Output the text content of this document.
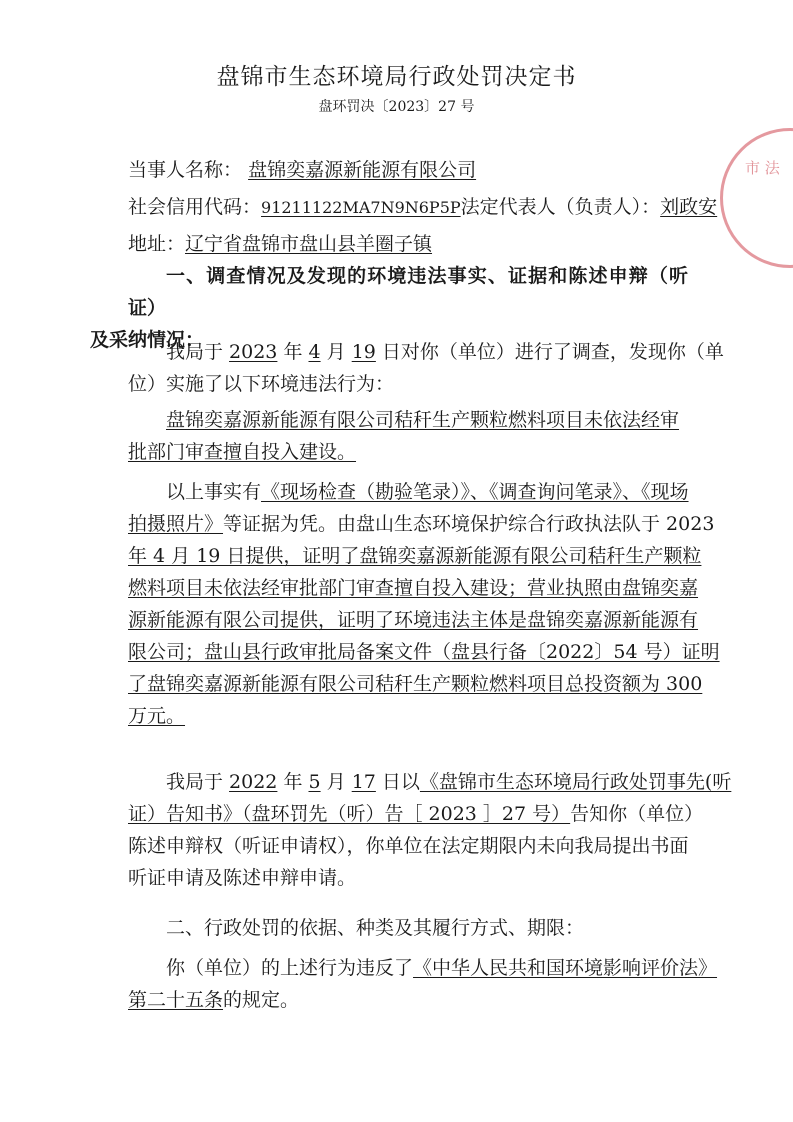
盘锦市生态环境局行政处罚决定书
盘环罚决〔2023〕27 号
当事人名称： 盘锦奕嘉源新能源有限公司
社会信用代码：91211122MA7N9N6P5P法定代表人（负责人）：刘政安
地址：辽宁省盘锦市盘山县羊圈子镇
一、调查情况及发现的环境违法事实、证据和陈述申辩（听证）
及采纳情况：
我局于 2023 年 4 月 19 日对你（单位）进行了调查，发现你（单
位）实施了以下环境违法行为：
盘锦奕嘉源新能源有限公司秸秆生产颗粒燃料项目未依法经审
批部门审查擅自投入建设。
以上事实有《现场检查（勘验笔录）》、《调查询问笔录》、《现场
拍摄照片》等证据为凭。由盘山生态环境保护综合行政执法队于 2023
年 4 月 19 日提供，证明了盘锦奕嘉源新能源有限公司秸秆生产颗粒
燃料项目未依法经审批部门审查擅自投入建设；营业执照由盘锦奕嘉
源新能源有限公司提供，证明了环境违法主体是盘锦奕嘉源新能源有
限公司；盘山县行政审批局备案文件（盘县行备〔2022〕54 号）证明
了盘锦奕嘉源新能源有限公司秸秆生产颗粒燃料项目总投资额为 300
万元。
我局于 2022 年 5 月 17 日以《盘锦市生态环境局行政处罚事先(听
证）告知书》（盘环罚先（听）告［ 2023 ］27 号）告知你（单位）
陈述申辩权（听证申请权），你单位在法定期限内未向我局提出书面
听证申请及陈述申辩申请。
二、行政处罚的依据、种类及其履行方式、期限：
你（单位）的上述行为违反了《中华人民共和国环境影响评价法》
第二十五条的规定。
市 法
